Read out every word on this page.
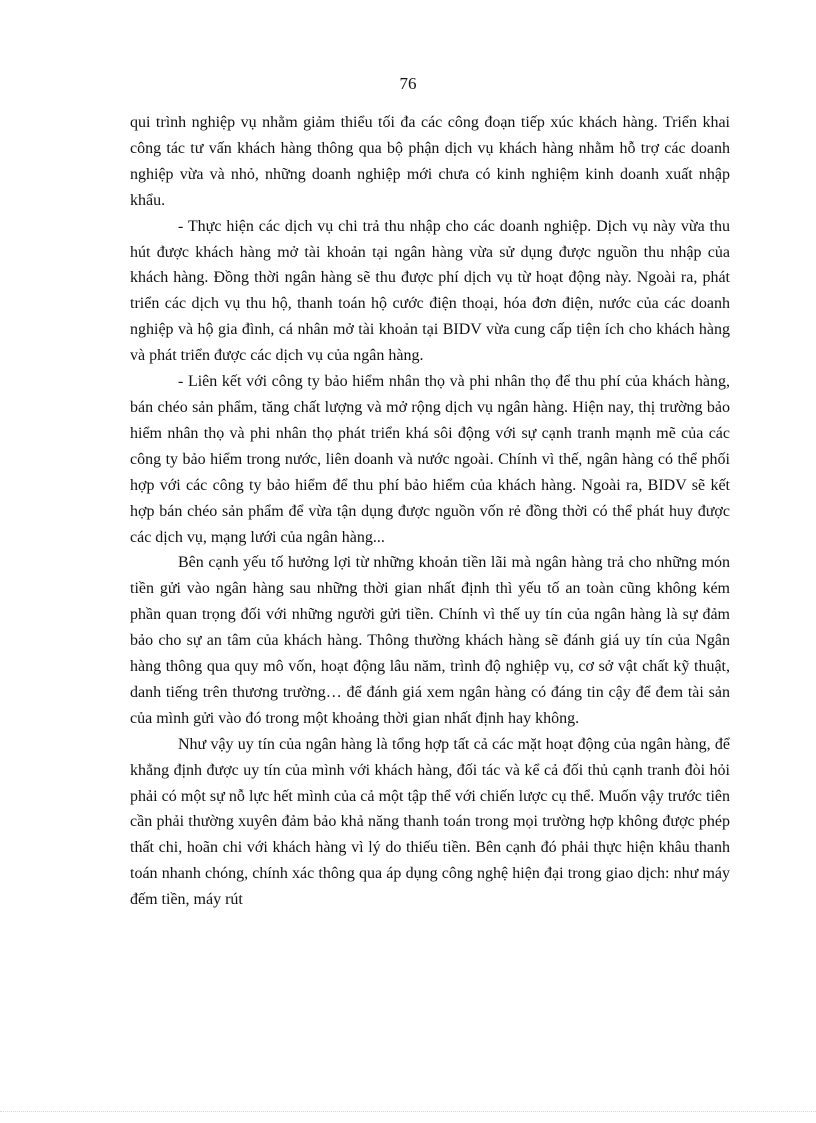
76

qui trình nghiệp vụ nhằm giảm thiểu tối đa các công đoạn tiếp xúc khách hàng. Triển khai công tác tư vấn khách hàng thông qua bộ phận dịch vụ khách hàng nhằm hỗ trợ các doanh nghiệp vừa và nhỏ, những doanh nghiệp mới chưa có kinh nghiệm kinh doanh xuất nhập khẩu.

- Thực hiện các dịch vụ chi trả thu nhập cho các doanh nghiệp. Dịch vụ này vừa thu hút được khách hàng mở tài khoản tại ngân hàng vừa sử dụng được nguồn thu nhập của khách hàng. Đồng thời ngân hàng sẽ thu được phí dịch vụ từ hoạt động này. Ngoài ra, phát triển các dịch vụ thu hộ, thanh toán hộ cước điện thoại, hóa đơn điện, nước của các doanh nghiệp và hộ gia đình, cá nhân mở tài khoản tại BIDV vừa cung cấp tiện ích cho khách hàng và phát triển được các dịch vụ của ngân hàng.

- Liên kết với công ty bảo hiểm nhân thọ và phi nhân thọ để thu phí của khách hàng, bán chéo sản phẩm, tăng chất lượng và mở rộng dịch vụ ngân hàng. Hiện nay, thị trường bảo hiểm nhân thọ và phi nhân thọ phát triển khá sôi động với sự cạnh tranh mạnh mẽ của các công ty bảo hiểm trong nước, liên doanh và nước ngoài. Chính vì thế, ngân hàng có thể phối hợp với các công ty bảo hiểm để thu phí bảo hiểm của khách hàng. Ngoài ra, BIDV sẽ kết hợp bán chéo sản phẩm để vừa tận dụng được nguồn vốn rẻ đồng thời có thể phát huy được các dịch vụ, mạng lưới của ngân hàng...

Bên cạnh yếu tố hưởng lợi từ những khoản tiền lãi mà ngân hàng trả cho những món tiền gửi vào ngân hàng sau những thời gian nhất định thì yếu tố an toàn cũng không kém phần quan trọng đối với những người gửi tiền. Chính vì thế uy tín của ngân hàng là sự đảm bảo cho sự an tâm của khách hàng. Thông thường khách hàng sẽ đánh giá uy tín của Ngân hàng thông qua quy mô vốn, hoạt động lâu năm, trình độ nghiệp vụ, cơ sở vật chất kỹ thuật, danh tiếng trên thương trường… để đánh giá xem ngân hàng có đáng tin cậy để đem tài sản của mình gửi vào đó trong một khoảng thời gian nhất định hay không.

Như vậy uy tín của ngân hàng là tổng hợp tất cả các mặt hoạt động của ngân hàng, để khẳng định được uy tín của mình với khách hàng, đối tác và kể cả đối thủ cạnh tranh đòi hỏi phải có một sự nỗ lực hết mình của cả một tập thể với chiến lược cụ thể. Muốn vậy trước tiên cần phải thường xuyên đảm bảo khả năng thanh toán trong mọi trường hợp không được phép thất chi, hoãn chi với khách hàng vì lý do thiếu tiền. Bên cạnh đó phải thực hiện khâu thanh toán nhanh chóng, chính xác thông qua áp dụng công nghệ hiện đại trong giao dịch: như máy đếm tiền, máy rút
